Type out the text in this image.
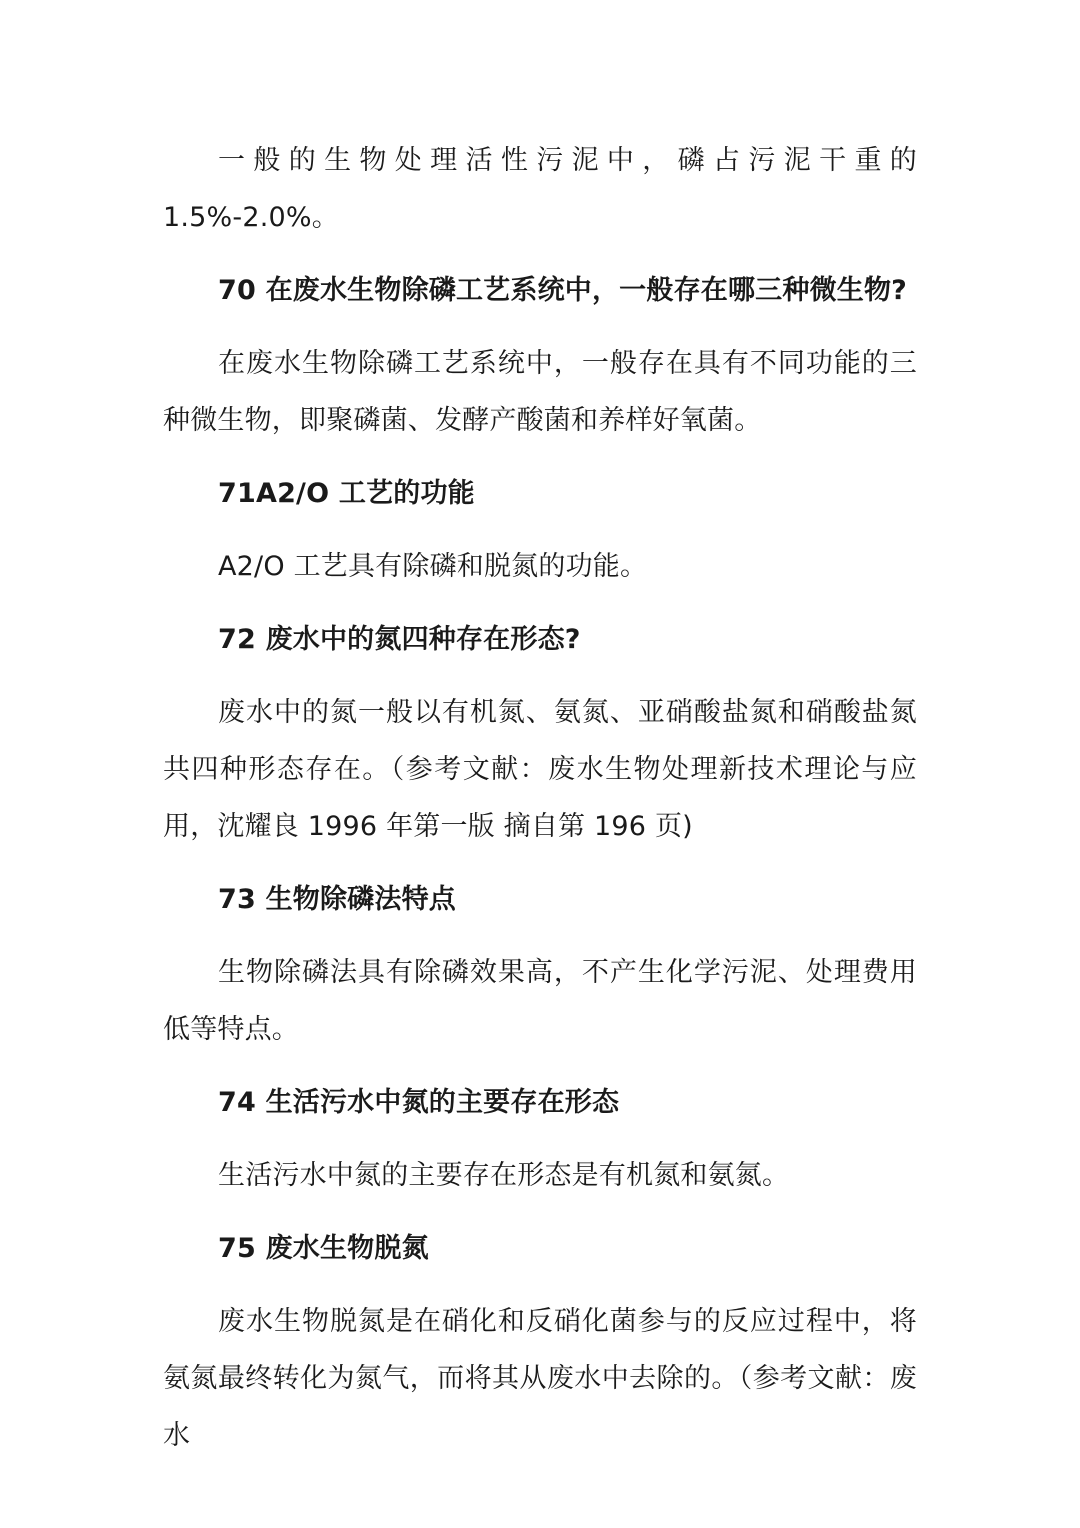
一般的生物处理活性污泥中，磷占污泥干重的 1.5%-2.0%。

70 在废水生物除磷工艺系统中，一般存在哪三种微生物?

在废水生物除磷工艺系统中，一般存在具有不同功能的三种微生物，即聚磷菌、发酵产酸菌和养样好氧菌。

71A2/O 工艺的功能

A2/O 工艺具有除磷和脱氮的功能。

72 废水中的氮四种存在形态?

废水中的氮一般以有机氮、氨氮、亚硝酸盐氮和硝酸盐氮共四种形态存在。（参考文献：废水生物处理新技术理论与应用，沈耀良 1996 年第一版 摘自第 196 页)

73 生物除磷法特点

生物除磷法具有除磷效果高，不产生化学污泥、处理费用低等特点。

74 生活污水中氮的主要存在形态

生活污水中氮的主要存在形态是有机氮和氨氮。

75 废水生物脱氮

废水生物脱氮是在硝化和反硝化菌参与的反应过程中，将氨氮最终转化为氮气，而将其从废水中去除的。（参考文献：废水
